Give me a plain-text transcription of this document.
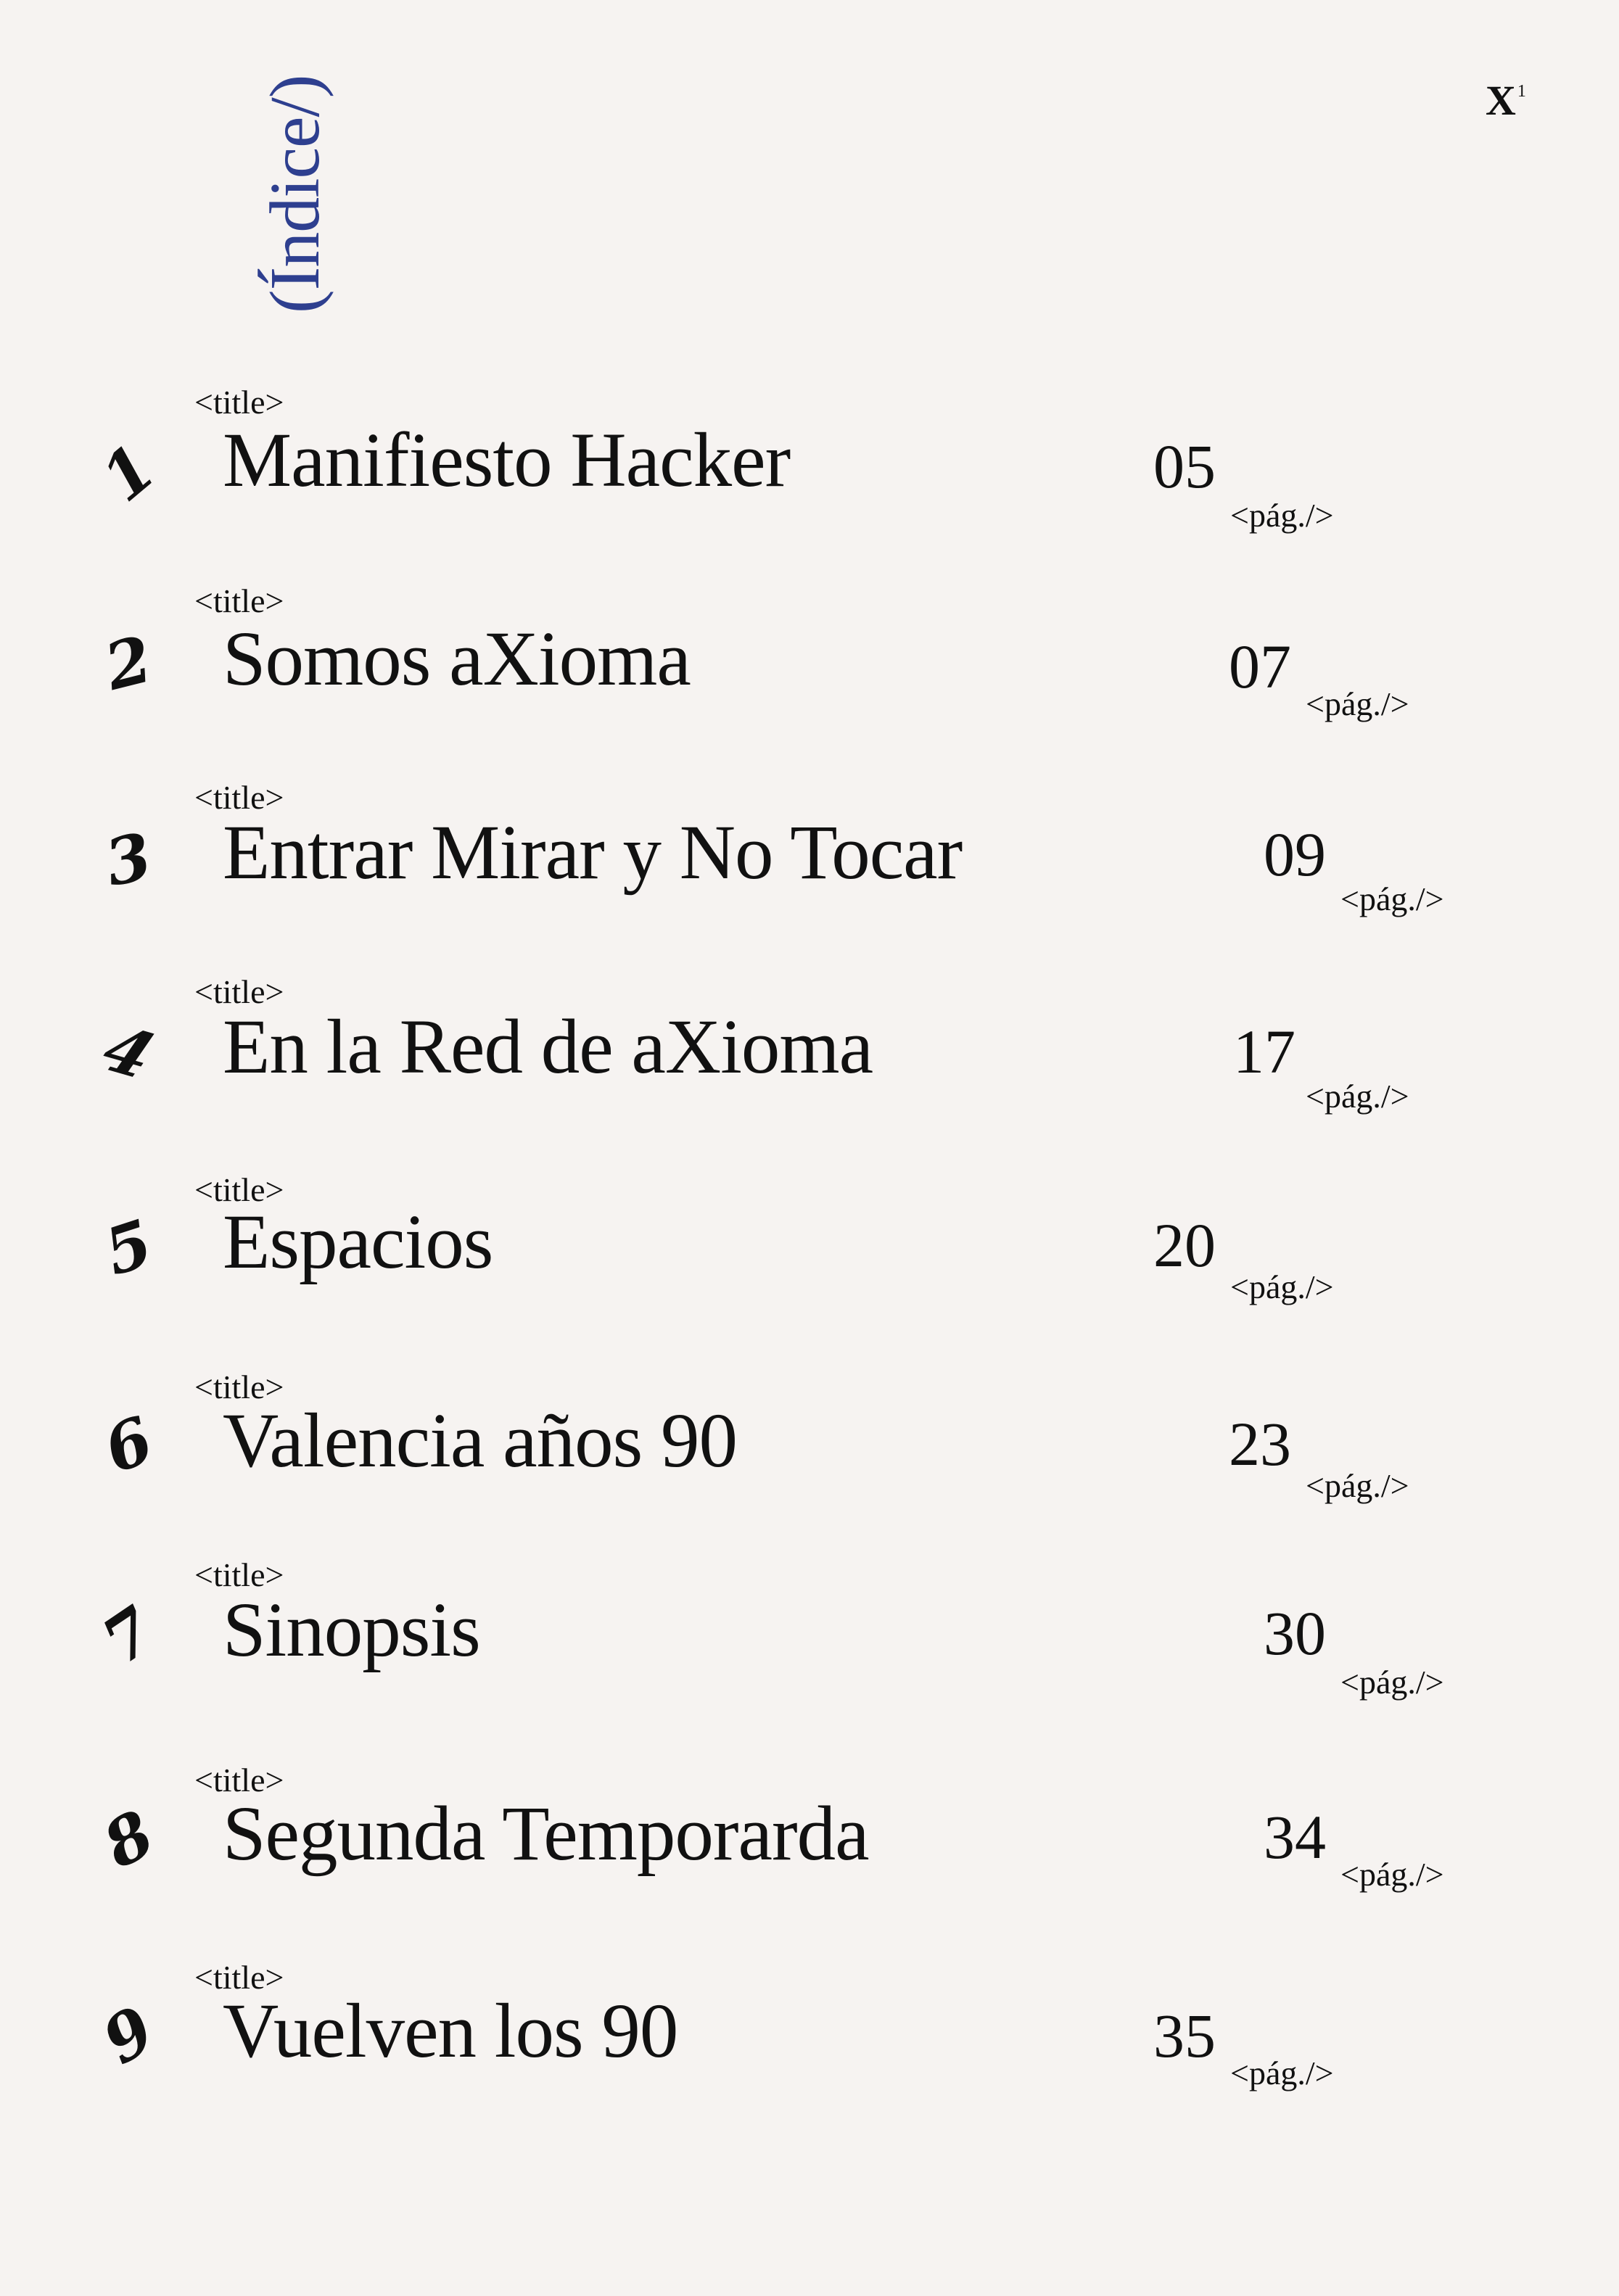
(Índice/)	$X^1$
1
<title>
Manifiesto Hacker	05
<pág./>
2
<title>
Somos aXioma	07
<pág./>
3
<title>
Entrar Mirar y No Tocar	09
<pág./>
4
<title>
En la Red de aXioma	17
<pág./>
5
<title>
Espacios	20
<pág./>
6
<title>
Valencia años 90	23
<pág./>
7
<title>
Sinopsis	30
<pág./>
8
<title>
Segunda Temporarda	34
<pág./>
9
<title>
Vuelven los 90	35
<pág./>
